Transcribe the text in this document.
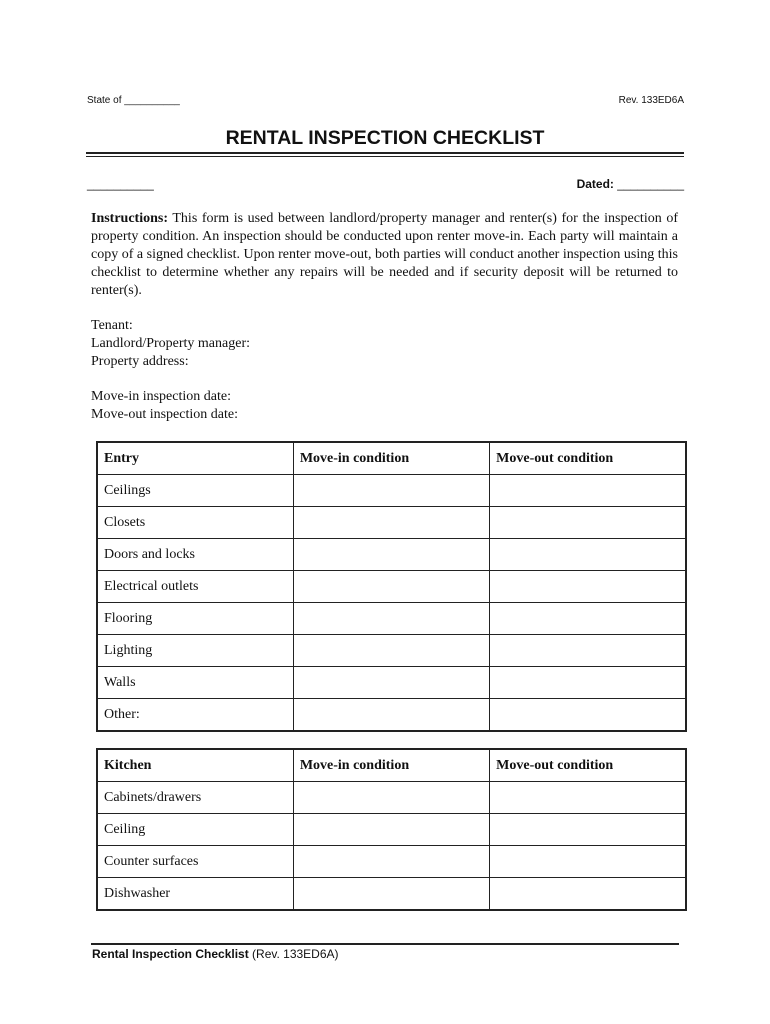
State of __________	Rev. 133ED6A
RENTAL INSPECTION CHECKLIST
__________	Dated: __________
Instructions: This form is used between landlord/property manager and renter(s) for the inspection of property condition. An inspection should be conducted upon renter move-in. Each party will maintain a copy of a signed checklist. Upon renter move-out, both parties will conduct another inspection using this checklist to determine whether any repairs will be needed and if security deposit will be returned to renter(s).
Tenant:
Landlord/Property manager:
Property address:
Move-in inspection date:
Move-out inspection date:
Entry	Move-in condition	Move-out condition
Ceilings		
Closets		
Doors and locks		
Electrical outlets		
Flooring		
Lighting		
Walls		
Other:		
Kitchen	Move-in condition	Move-out condition
Cabinets/drawers		
Ceiling		
Counter surfaces		
Dishwasher		
Rental Inspection Checklist (Rev. 133ED6A)
